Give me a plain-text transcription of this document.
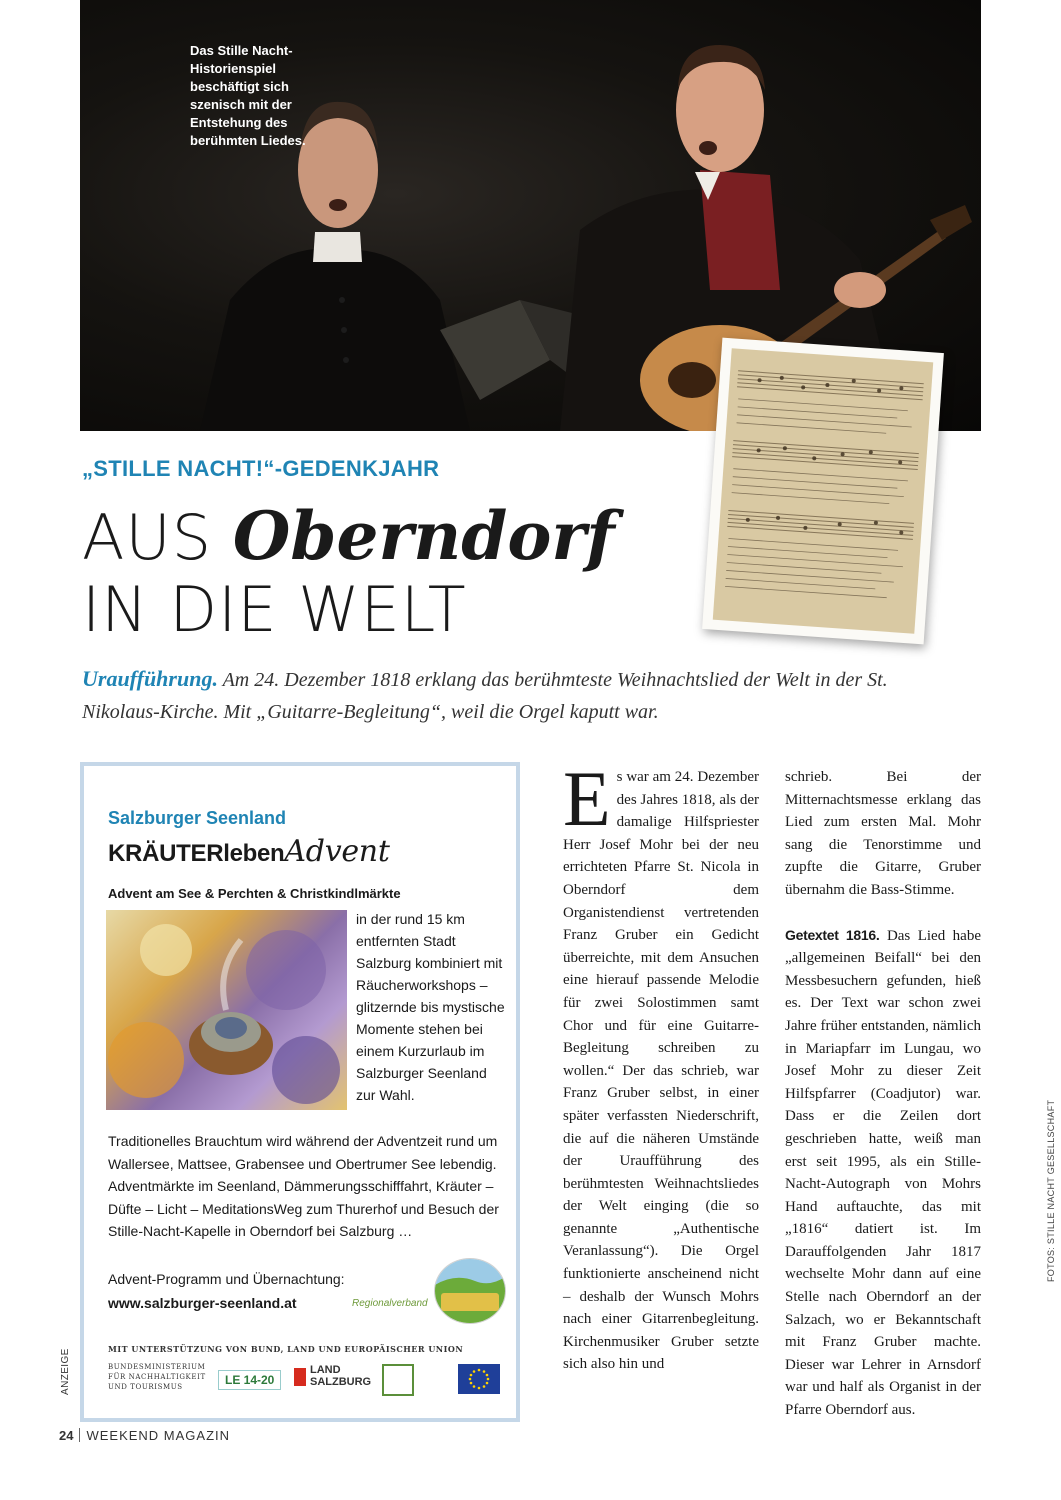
Das Stille Nacht-Historienspiel beschäftigt sich szenisch mit der Entstehung des berühmten Liedes.
„STILLE NACHT!“-GEDENKJAHR
AUS Oberndorf
IN DIE WELT
Uraufführung. Am 24. Dezember 1818 erklang das berühmteste Weihnachtslied der Welt in der St. Nikolaus-Kirche. Mit „Guitarre-Begleitung“, weil die Orgel kaputt war.
Salzburger Seenland
KRÄUTERlebenAdvent
Advent am See & Perchten & Christkindlmärkte
in der rund 15 km entfernten Stadt Salzburg kombiniert mit Räucherworkshops – glitzernde bis mystische Momente stehen bei einem Kurzurlaub im Salzburger Seenland zur Wahl.
Traditionelles Brauchtum wird während der Adventzeit rund um Wallersee, Mattsee, Grabensee und Obertrumer See lebendig. Adventmärkte im Seenland, Dämmerungsschifffahrt, Kräuter – Düfte – Licht – MeditationsWeg zum Thurerhof und Besuch der Stille-Nacht-Kapelle in Oberndorf bei Salzburg …
Advent-Programm und Übernachtung:
www.salzburger-seenland.at	Regionalverband
MIT UNTERSTÜTZUNG VON BUND, LAND UND EUROPÄISCHER UNION
BUNDESMINISTERIUM
FÜR NACHHALTIGKEIT
UND TOURISMUS	LE 14-20
LAND
SALZBURG
ANZEIGE

Es war am 24. Dezember des Jahres 1818, als der damalige Hilfspriester Herr Josef Mohr bei der neu errichteten Pfarre St. Nicola in Oberndorf dem Organistendienst vertretenden Franz Gruber ein Gedicht überreichte, mit dem Ansuchen eine hierauf passende Melodie für zwei Solostimmen samt Chor und für eine Guitarre-Begleitung schreiben zu wollen.“ Der das schrieb, war Franz Gruber selbst, in einer später verfassten Niederschrift, die auf die näheren Umstände der Uraufführung des berühmtesten Weihnachtsliedes der Welt einging (die so genannte „Authentische Veranlassung“). Die Orgel funktionierte anscheinend nicht – deshalb der Wunsch Mohrs nach einer Gitarrenbegleitung. Kirchenmusiker Gruber setzte sich also hin und

schrieb. Bei der Mitternachtsmesse erklang das Lied zum ersten Mal. Mohr sang die Tenorstimme und zupfte die Gitarre, Gruber übernahm die Bass-Stimme.

Getextet 1816. Das Lied habe „allgemeinen Beifall“ bei den Messbesuchern gefunden, hieß es. Der Text war schon zwei Jahre früher entstanden, nämlich in Mariapfarr im Lungau, wo Josef Mohr zu dieser Zeit Hilfspfarrer (Coadjutor) war. Dass er die Zeilen dort geschrieben hatte, weiß man erst seit 1995, als ein Stille-Nacht-Autograph von Mohrs Hand auftauchte, das mit „1816“ datiert ist. Im Darauffolgenden Jahr 1817 wechselte Mohr dann auf eine Stelle nach Oberndorf an der Salzach, wo er Bekanntschaft mit Franz Gruber machte. Dieser war Lehrer in Arnsdorf war und half als Organist in der Pfarre Oberndorf aus.

FOTOS: STILLE NACHT GESELLSCHAFT
24 WEEKEND MAGAZIN
